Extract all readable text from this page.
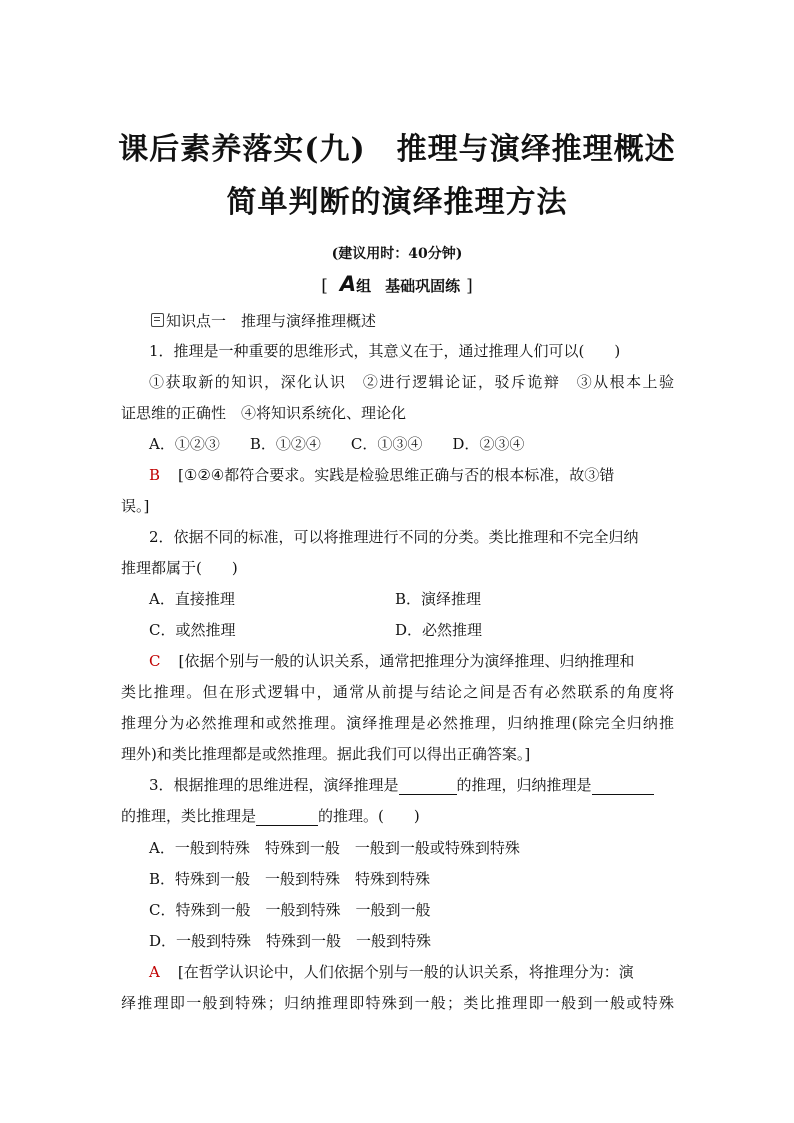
课后素养落实(九)　推理与演绎推理概述
简单判断的演绎推理方法
(建议用时：40分钟)
[ A组 基础巩固练 ]
知识点一　推理与演绎推理概述
1．推理是一种重要的思维形式，其意义在于，通过推理人们可以(　　)
①获取新的知识，深化认识　②进行逻辑论证，驳斥诡辩　③从根本上验
证思维的正确性　④将知识系统化、理论化
A．①②③　　B．①②④　　C．①③④　　D．②③④
B [①②④都符合要求。实践是检验思维正确与否的根本标准，故③错
误。]
2．依据不同的标准，可以将推理进行不同的分类。类比推理和不完全归纳
推理都属于(　　)
A．直接推理	B．演绎推理
C．或然推理	D．必然推理
C [依据个别与一般的认识关系，通常把推理分为演绎推理、归纳推理和
类比推理。但在形式逻辑中，通常从前提与结论之间是否有必然联系的角度将
推理分为必然推理和或然推理。演绎推理是必然推理，归纳推理(除完全归纳推
理外)和类比推理都是或然推理。据此我们可以得出正确答案。]
3．根据推理的思维进程，演绎推理是	的推理，归纳推理是
的推理，类比推理是	的推理。(　　)
A．一般到特殊　特殊到一般　一般到一般或特殊到特殊
B．特殊到一般　一般到特殊　特殊到特殊
C．特殊到一般　一般到特殊　一般到一般
D．一般到特殊　特殊到一般　一般到特殊
A [在哲学认识论中，人们依据个别与一般的认识关系，将推理分为：演
绎推理即一般到特殊；归纳推理即特殊到一般；类比推理即一般到一般或特殊
